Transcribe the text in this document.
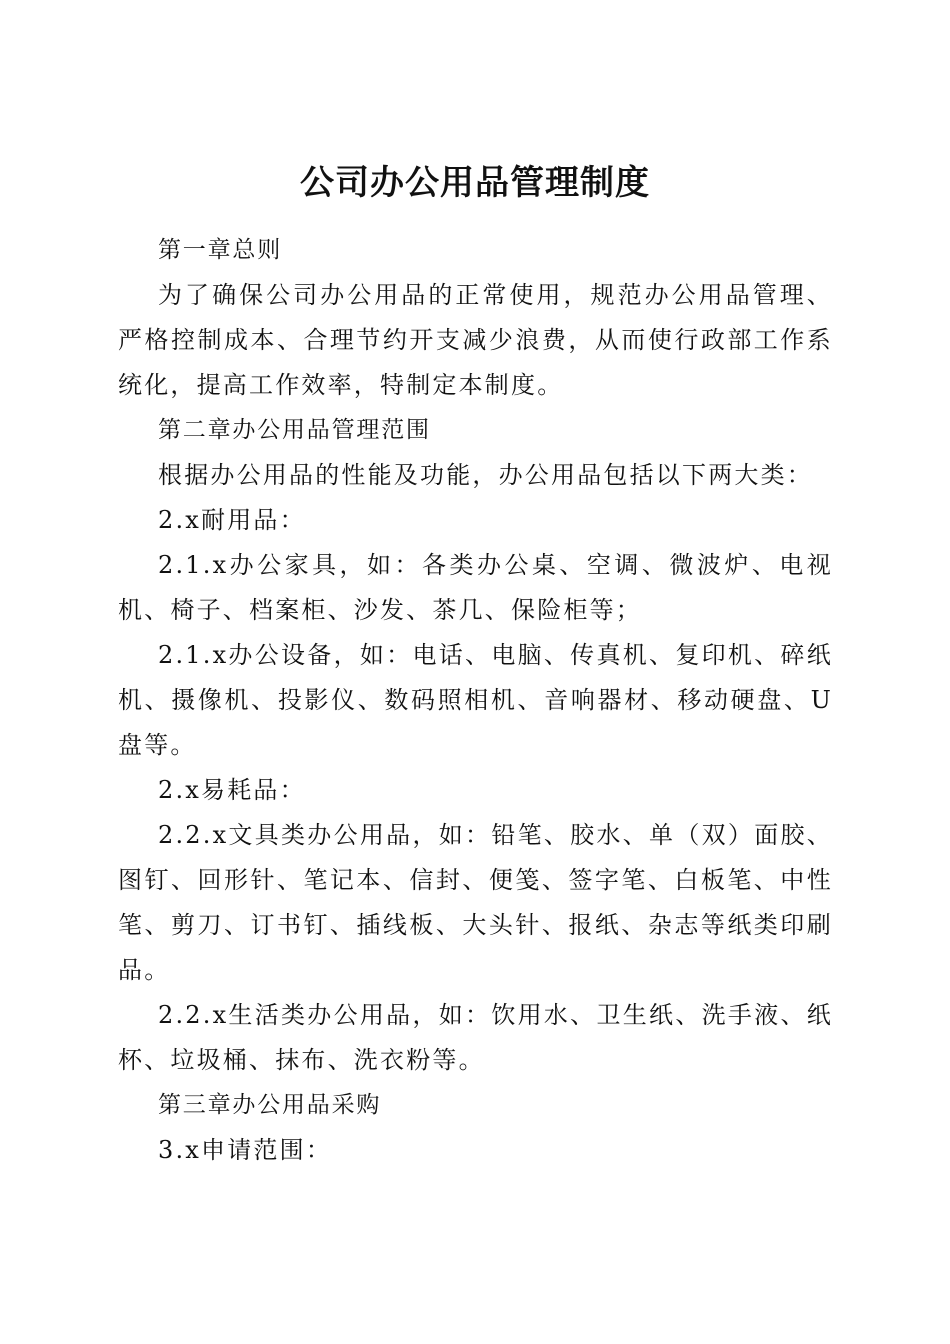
公司办公用品管理制度

第一章总则

为了确保公司办公用品的正常使用，规范办公用品管理、严格控制成本、合理节约开支减少浪费，从而使行政部工作系统化，提高工作效率，特制定本制度。

第二章办公用品管理范围

根据办公用品的性能及功能，办公用品包括以下两大类：

2.x耐用品：

2.1.x办公家具，如：各类办公桌、空调、微波炉、电视机、椅子、档案柜、沙发、茶几、保险柜等；

2.1.x办公设备，如：电话、电脑、传真机、复印机、碎纸机、摄像机、投影仪、数码照相机、音响器材、移动硬盘、U盘等。

2.x易耗品：

2.2.x文具类办公用品，如：铅笔、胶水、单（双）面胶、图钉、回形针、笔记本、信封、便笺、签字笔、白板笔、中性笔、剪刀、订书钉、插线板、大头针、报纸、杂志等纸类印刷品。

2.2.x生活类办公用品，如：饮用水、卫生纸、洗手液、纸杯、垃圾桶、抹布、洗衣粉等。

第三章办公用品采购

3.x申请范围：
